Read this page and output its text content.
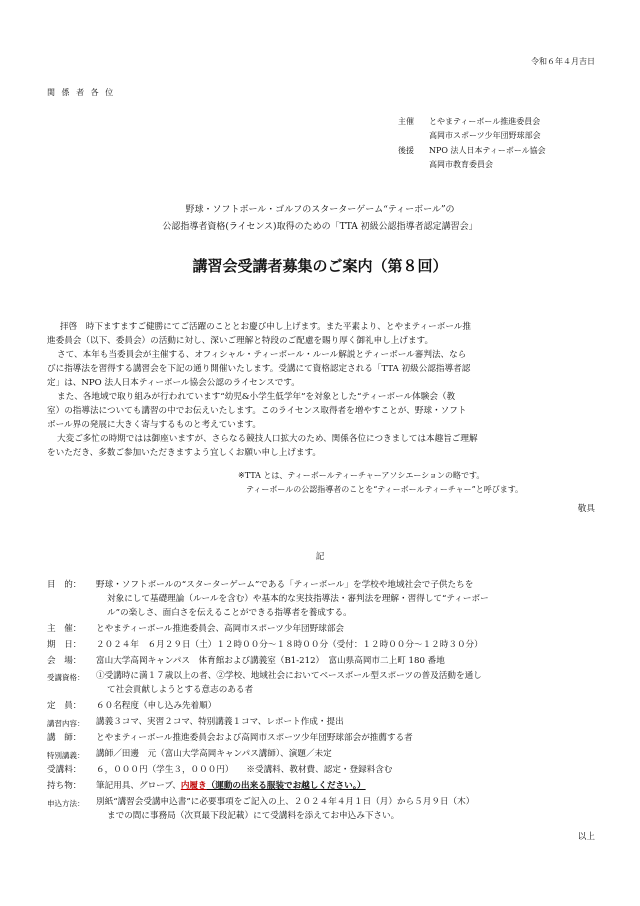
令和６年４月吉日
関 係 者 各 位
主催 とやまティーボール推進委員会
高岡市スポーツ少年団野球部会
後援 NPO 法人日本ティーボール協会
高岡市教育委員会
野球・ソフトボール・ゴルフのスターターゲーム“ティーボール”の
公認指導者資格(ライセンス)取得のための「TTA 初級公認指導者認定講習会」
講習会受講者募集のご案内（第８回）
拝啓　時下ますますご健勝にてご活躍のこととお慶び申し上げます。また平素より、とやまティーボール推
進委員会（以下、委員会）の活動に対し、深いご理解と特段のご配慮を賜り厚く御礼申し上げます。
さて、本年も当委員会が主催する、オフィシャル・ティーボール・ルール解説とティーボール審判法、なら
びに指導法を習得する講習会を下記の通り開催いたします。受講にて資格認定される「TTA 初級公認指導者認
定」は、NPO 法人日本ティーボール協会公認のライセンスです。
また、各地域で取り組みが行われています“幼児&小学生低学年”を対象とした“ティーボール体験会（教
室）の指導法についても講習の中でお伝えいたします。このライセンス取得者を増やすことが、野球・ソフト
ボール界の発展に大きく寄与するものと考えています。
大変ご多忙の時期ではは御座いますが、さらなる競技人口拡大のため、関係各位につきましては本趣旨ご理解
をいただき、多数ご参加いただきますよう宜しくお願い申し上げます。
※TTA とは、ティーボールティーチャーアソシエーションの略です。
ティーボールの公認指導者のことを“ティーボールティーチャー”と呼びます。
敬具
記
目　的：	野球・ソフトボールの“スターターゲーム”である「ティーボール」を学校や地域社会で子供たちを
対象にして基礎理論（ルールを含む）や基本的な実技指導法・審判法を理解・習得して“ティーボー
ル”の楽しさ、面白さを伝えることができる指導者を養成する。
主　催：	とやまティーボール推進委員会、高岡市スポーツ少年団野球部会
期　日：	２０２４年　６月２９日（土）１２時００分～１８時００分（受付：１２時００分～１２時３０分）
会　場：	富山大学高岡キャンパス　体育館および講義室（B1-212）　富山県高岡市二上町 180 番地
受講資格：	①受講時に満１７歳以上の者、②学校、地域社会においてベースボール型スポーツの普及活動を通し
て社会貢献しようとする意志のある者
定　員：	６０名程度（申し込み先着順）
講習内容：	講義３コマ、実習２コマ、特別講義１コマ、レポート作成・提出
講　師：	とやまティーボール推進委員会および高岡市スポーツ少年団野球部会が推薦する者
特別講義：	講師／田邊　元（富山大学高岡キャンパス講師）、演題／未定
受講料：	６，０００円（学生３，０００円）　　※受講料、教材費、認定・登録料含む
持ち物：	筆記用具、グローブ、内履き（運動の出来る服装でお越しください。）
申込方法：	別紙“講習会受講申込書”に必要事項をご記入の上、２０２４年４月１日（月）から５月９日（木）
までの間に事務局（次頁最下段記載）にて受講料を添えてお申込み下さい。
以上
